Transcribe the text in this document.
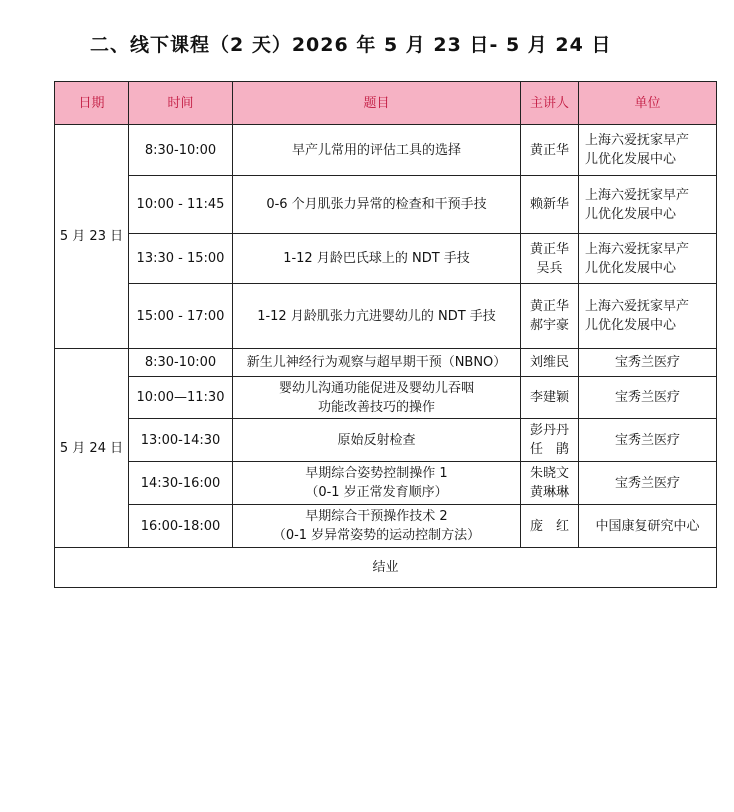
二、线下课程（2 天）2026 年 5 月 23 日- 5 月 24 日
日期	时间	题目	主讲人	单位

5 月 23 日	8:30-10:00	早产儿常用的评估工具的选择	黄正华	上海六爱抚家早产
儿优化发展中心

	10:00 - 11:45	0-6 个月肌张力异常的检查和干预手技	赖新华	上海六爱抚家早产
儿优化发展中心

	13:30 - 15:00	1-12 月龄巴氏球上的 NDT 手技	黄正华
吴兵	上海六爱抚家早产
儿优化发展中心

	15:00 - 17:00	1-12 月龄肌张力亢进婴幼儿的 NDT 手技	黄正华
郝宇豪	上海六爱抚家早产
儿优化发展中心

5 月 24 日	8:30-10:00	新生儿神经行为观察与超早期干预（NBNO）	刘维民	宝秀兰医疗

	10:00—11:30	婴幼儿沟通功能促进及婴幼儿吞咽
功能改善技巧的操作	李建颖	宝秀兰医疗

	13:00-14:30	原始反射检查	彭丹丹
任　鹃	宝秀兰医疗

	14:30-16:00	早期综合姿势控制操作 1
（0-1 岁正常发育顺序）	朱晓文
黄琳琳	宝秀兰医疗

	16:00-18:00	早期综合干预操作技术 2
（0-1 岁异常姿势的运动控制方法）	庞　红	中国康复研究中心

结业				
